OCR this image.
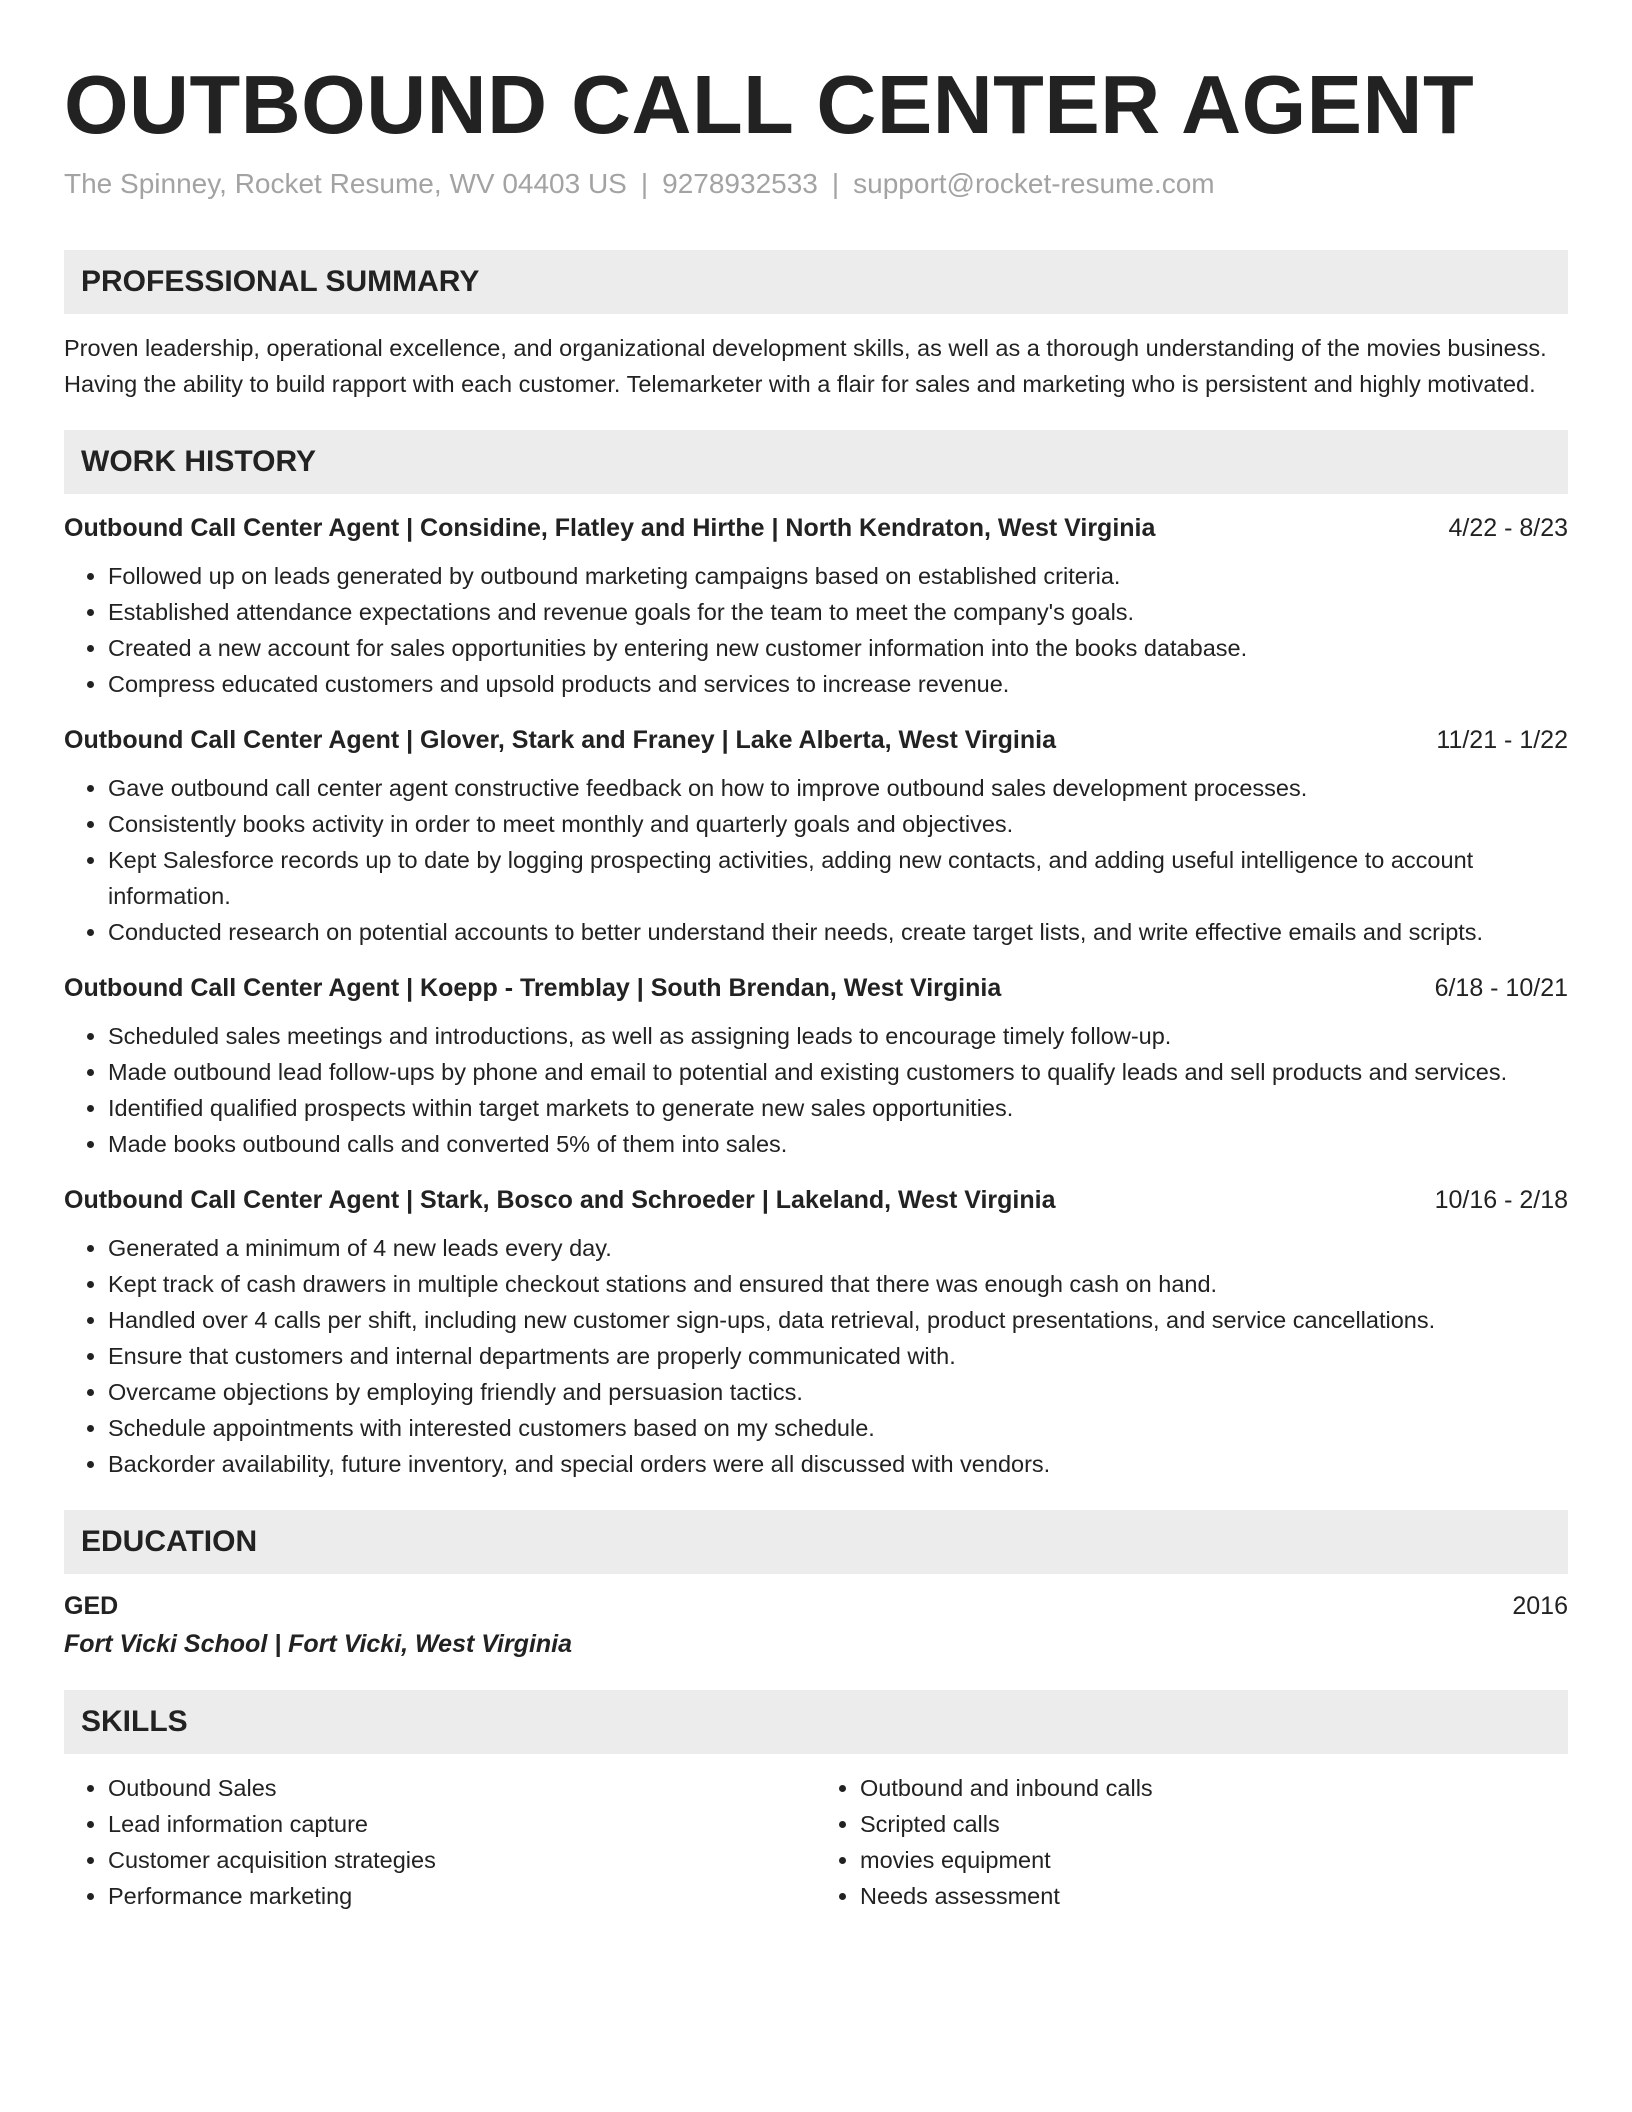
OUTBOUND CALL CENTER AGENT
The Spinney, Rocket Resume, WV 04403 US | 9278932533 | support@rocket-resume.com
PROFESSIONAL SUMMARY

Proven leadership, operational excellence, and organizational development skills, as well as a thorough understanding of the movies business. Having the ability to build rapport with each customer. Telemarketer with a flair for sales and marketing who is persistent and highly motivated.

WORK HISTORY
Outbound Call Center Agent | Considine, Flatley and Hirthe | North Kendraton, West Virginia	4/22 - 8/23
• Followed up on leads generated by outbound marketing campaigns based on established criteria.
• Established attendance expectations and revenue goals for the team to meet the company's goals.
• Created a new account for sales opportunities by entering new customer information into the books database.
• Compress educated customers and upsold products and services to increase revenue.
Outbound Call Center Agent | Glover, Stark and Franey | Lake Alberta, West Virginia	11/21 - 1/22
• Gave outbound call center agent constructive feedback on how to improve outbound sales development processes.
• Consistently books activity in order to meet monthly and quarterly goals and objectives.
• Kept Salesforce records up to date by logging prospecting activities, adding new contacts, and adding useful intelligence to account information.
• Conducted research on potential accounts to better understand their needs, create target lists, and write effective emails and scripts.
Outbound Call Center Agent | Koepp - Tremblay | South Brendan, West Virginia	6/18 - 10/21
• Scheduled sales meetings and introductions, as well as assigning leads to encourage timely follow-up.
• Made outbound lead follow-ups by phone and email to potential and existing customers to qualify leads and sell products and services.
• Identified qualified prospects within target markets to generate new sales opportunities.
• Made books outbound calls and converted 5% of them into sales.
Outbound Call Center Agent | Stark, Bosco and Schroeder | Lakeland, West Virginia	10/16 - 2/18
• Generated a minimum of 4 new leads every day.
• Kept track of cash drawers in multiple checkout stations and ensured that there was enough cash on hand.
• Handled over 4 calls per shift, including new customer sign-ups, data retrieval, product presentations, and service cancellations.
• Ensure that customers and internal departments are properly communicated with.
• Overcame objections by employing friendly and persuasion tactics.
• Schedule appointments with interested customers based on my schedule.
• Backorder availability, future inventory, and special orders were all discussed with vendors.
EDUCATION
GED	2016
Fort Vicki School | Fort Vicki, West Virginia
SKILLS
• Outbound Sales
• Lead information capture
• Customer acquisition strategies
• Performance marketing
• Outbound and inbound calls
• Scripted calls
• movies equipment
• Needs assessment
